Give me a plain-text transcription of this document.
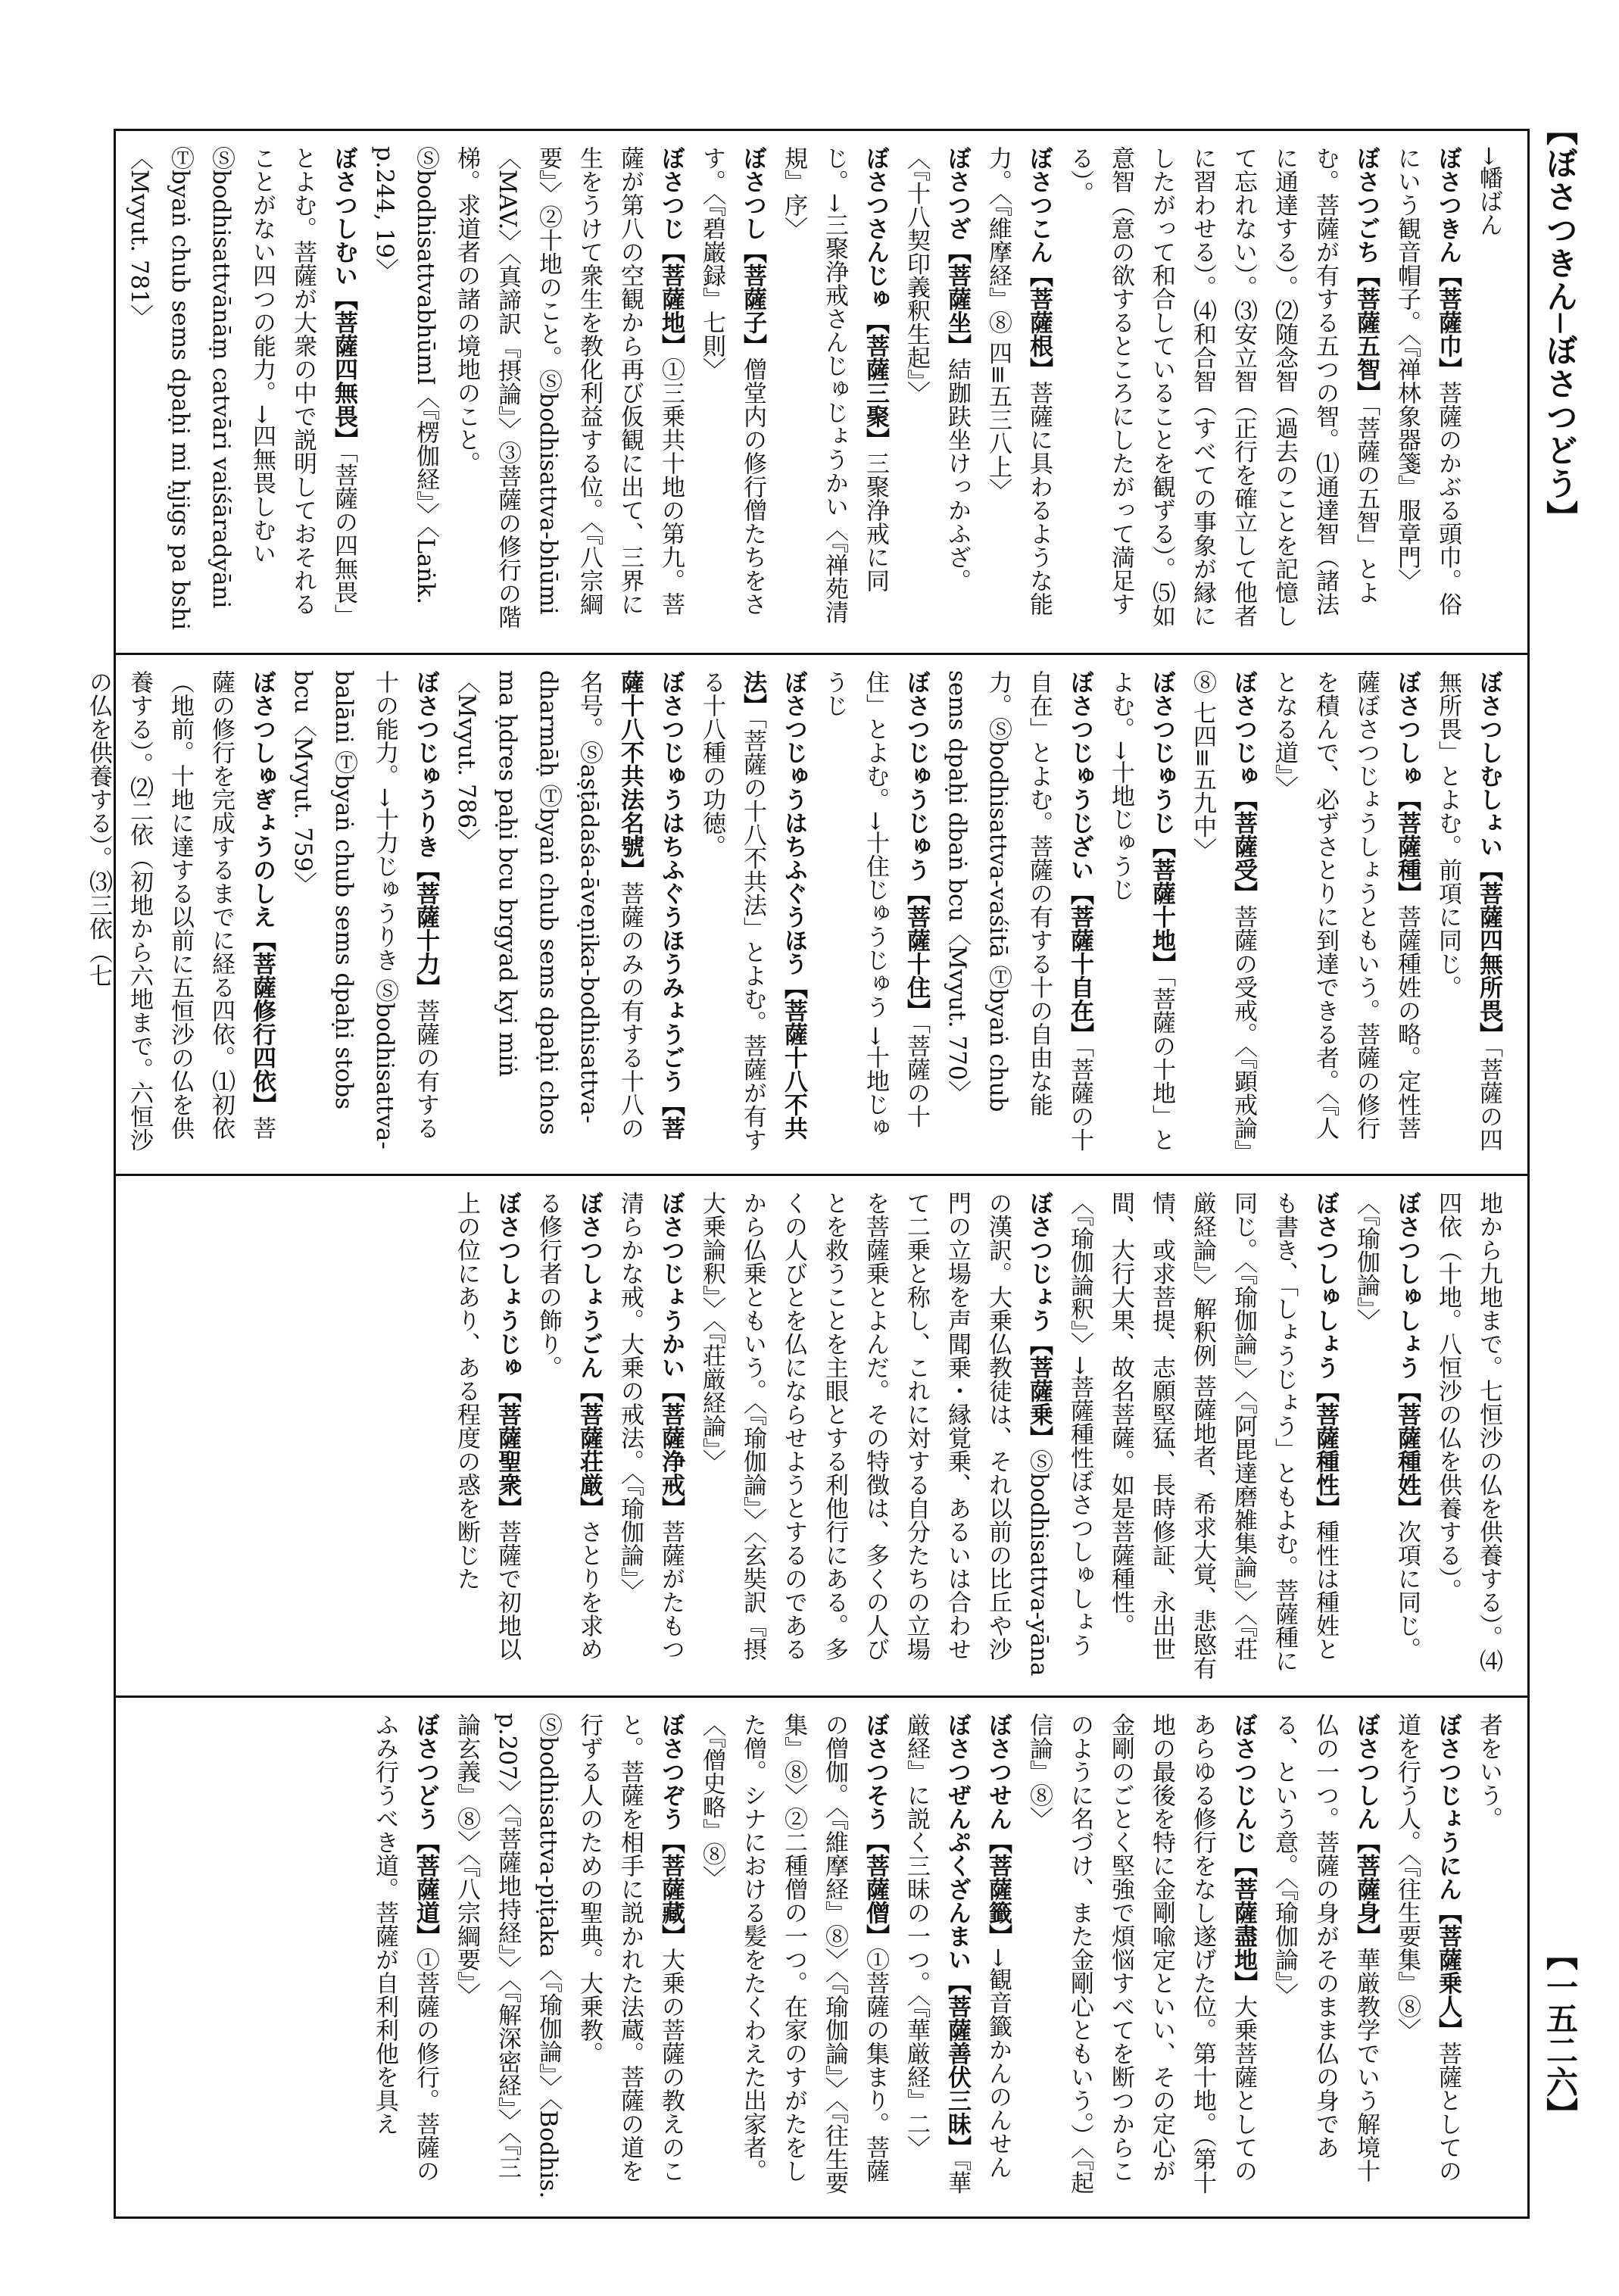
【ぼさつきん─ぼさつどう】
【一五二六】

→幡ばん

ぼさつきん【菩薩巾】菩薩のかぶる頭巾。俗にいう観音帽子。〈『禅林象器箋』服章門〉

ぼさつごち【菩薩五智】「菩薩の五智」とよむ。菩薩が有する五つの智。⑴通達智（諸法に通達する）。⑵随念智（過去のことを記憶して忘れない）。⑶安立智（正行を確立して他者に習わせる）。⑷和合智（すべての事象が縁にしたがって和合していることを観ずる）。⑸如意智（意の欲するところにしたがって満足する）。

ぼさつこん【菩薩根】菩薩に具わるような能力。〈『維摩経』⑧ 四≡五三八上〉

ぼさつざ【菩薩坐】結跏趺坐けっかふざ。〈『十八契印義釈生起』〉

ぼさつさんじゅ【菩薩三聚】三聚浄戒に同じ。→三聚浄戒さんじゅじょうかい〈『禅苑清規』序〉

ぼさつし【菩薩子】僧堂内の修行僧たちをさす。〈『碧巌録』七則〉

ぼさつじ【菩薩地】①三乗共十地の第九。菩薩が第八の空観から再び仮観に出て、三界に生をうけて衆生を教化利益する位。〈『八宗綱要』〉②十地のこと。Ⓢbodhisattva-bhūmi〈MAV.〉〈真諦訳『摂論』〉③菩薩の修行の階梯。求道者の諸の境地のこと。ⓈbodhisattvabhūmI〈『楞伽経』〉〈Laṅk. p.244, 19〉

ぼさつしむい【菩薩四無畏】「菩薩の四無畏」とよむ。菩薩が大衆の中で説明しておそれることがない四つの能力。→四無畏しむい Ⓢbodhisattvānāṃ catvāri vaiśāradyāni Ⓣbyaṅ chub sems dpaḥi mi ḥjigs pa bshi〈Mvyut. 781〉

ぼさつしむしょい【菩薩四無所畏】「菩薩の四無所畏」とよむ。前項に同じ。

ぼさつしゅ【菩薩種】菩薩種姓の略。定性菩薩ぼさつじょうしょうともいう。菩薩の修行を積んで、必ずさとりに到達できる者。〈『人となる道』〉

ぼさつじゅ【菩薩受】菩薩の受戒。〈『顕戒論』⑧ 七四≡五九中〉

ぼさつじゅうじ【菩薩十地】「菩薩の十地」とよむ。→十地じゅうじ

ぼさつじゅうじざい【菩薩十自在】「菩薩の十自在」とよむ。菩薩の有する十の自由な能力。Ⓢbodhisattva-vaśitā Ⓣbyaṅ chub sems dpaḥi dbaṅ bcu〈Mvyut. 770〉

ぼさつじゅうじゅう【菩薩十住】「菩薩の十住」とよむ。→十住じゅうじゅう →十地じゅうじ

ぼさつじゅうはちふぐうほう【菩薩十八不共法】「菩薩の十八不共法」とよむ。菩薩が有する十八種の功徳。

ぼさつじゅうはちふぐうほうみょうごう【菩薩十八不共法名號】菩薩のみの有する十八の名号。Ⓢaṣṭādaśa-āveṇika-bodhisattva-dharmāḥ Ⓣbyaṅ chub sems dpaḥi chos ma ḥdres paḥi bcu brgyad kyi miṅ〈Mvyut. 786〉

ぼさつじゅうりき【菩薩十力】菩薩の有する十の能力。→十力じゅうりき Ⓢbodhisattva-balāni Ⓣbyaṅ chub sems dpaḥi stobs bcu〈Mvyut. 759〉

ぼさつしゅぎょうのしえ【菩薩修行四依】菩薩の修行を完成するまでに経る四依。⑴初依（地前。十地に達する以前に五恒沙の仏を供養する）。⑵二依（初地から六地まで。六恒沙の仏を供養する）。⑶三依（七

地から九地まで。七恒沙の仏を供養する）。⑷四依（十地。八恒沙の仏を供養する）。

ぼさつしゅしょう【菩薩種姓】次項に同じ。〈『瑜伽論』〉

ぼさつしゅしょう【菩薩種性】種性は種姓とも書き、「しょうじょう」ともよむ。菩薩種に同じ。〈『瑜伽論』〉〈『阿毘達磨雑集論』〉〈『荘厳経論』〉解釈例 菩薩地者、希求大覚、悲愍有情、或求菩提、志願堅猛、長時修証、永出世間、大行大果、故名菩薩。如是菩薩種性。〈『瑜伽論釈』〉→菩薩種性ぼさつしゅしょう

ぼさつじょう【菩薩乗】Ⓢbodhisattva-yāna の漢訳。大乗仏教徒は、それ以前の比丘や沙門の立場を声聞乗・縁覚乗、あるいは合わせて二乗と称し、これに対する自分たちの立場を菩薩乗とよんだ。その特徴は、多くの人びとを救うことを主眼とする利他行にある。多くの人びとを仏にならせようとするのであるから仏乗ともいう。〈『瑜伽論』〉〈玄奘訳『摂大乗論釈』〉〈『荘厳経論』〉

ぼさつじょうかい【菩薩浄戒】菩薩がたもつ清らかな戒。大乗の戒法。〈『瑜伽論』〉

ぼさつしょうごん【菩薩荘厳】さとりを求める修行者の飾り。

ぼさつしょうじゅ【菩薩聖衆】菩薩で初地以上の位にあり、ある程度の惑を断じた

者をいう。

ぼさつじょうにん【菩薩乗人】菩薩としての道を行う人。〈『往生要集』⑧〉

ぼさつしん【菩薩身】華厳教学でいう解境十仏の一つ。菩薩の身がそのまま仏の身である、という意。〈『瑜伽論』〉

ぼさつじんじ【菩薩盡地】大乗菩薩としてのあらゆる修行をなし遂げた位。第十地。（第十地の最後を特に金剛喩定といい、その定心が金剛のごとく堅強で煩悩すべてを断つからこのように名づけ、また金剛心ともいう。）〈『起信論』⑧〉

ぼさつせん【菩薩籤】→観音籤かんのんせん

ぼさつぜんぷくざんまい【菩薩善伏三昧】『華厳経』に説く三昧の一つ。〈『華厳経』二〉

ぼさつそう【菩薩僧】①菩薩の集まり。菩薩の僧伽。〈『維摩経』⑧〉〈『瑜伽論』〉〈『往生要集』⑧〉②二種僧の一つ。在家のすがたをした僧。シナにおける髪をたくわえた出家者。〈『僧史略』⑧〉

ぼさつぞう【菩薩藏】大乗の菩薩の教えのこと。菩薩を相手に説かれた法蔵。菩薩の道を行ずる人のための聖典。大乗教。Ⓢbodhisattva-piṭaka〈『瑜伽論』〉〈Bodhis. p.207〉〈『菩薩地持経』〉〈『解深密経』〉〈『三論玄義』⑧〉〈『八宗綱要』〉

ぼさつどう【菩薩道】①菩薩の修行。菩薩のふみ行うべき道。菩薩が自利利他を具え
